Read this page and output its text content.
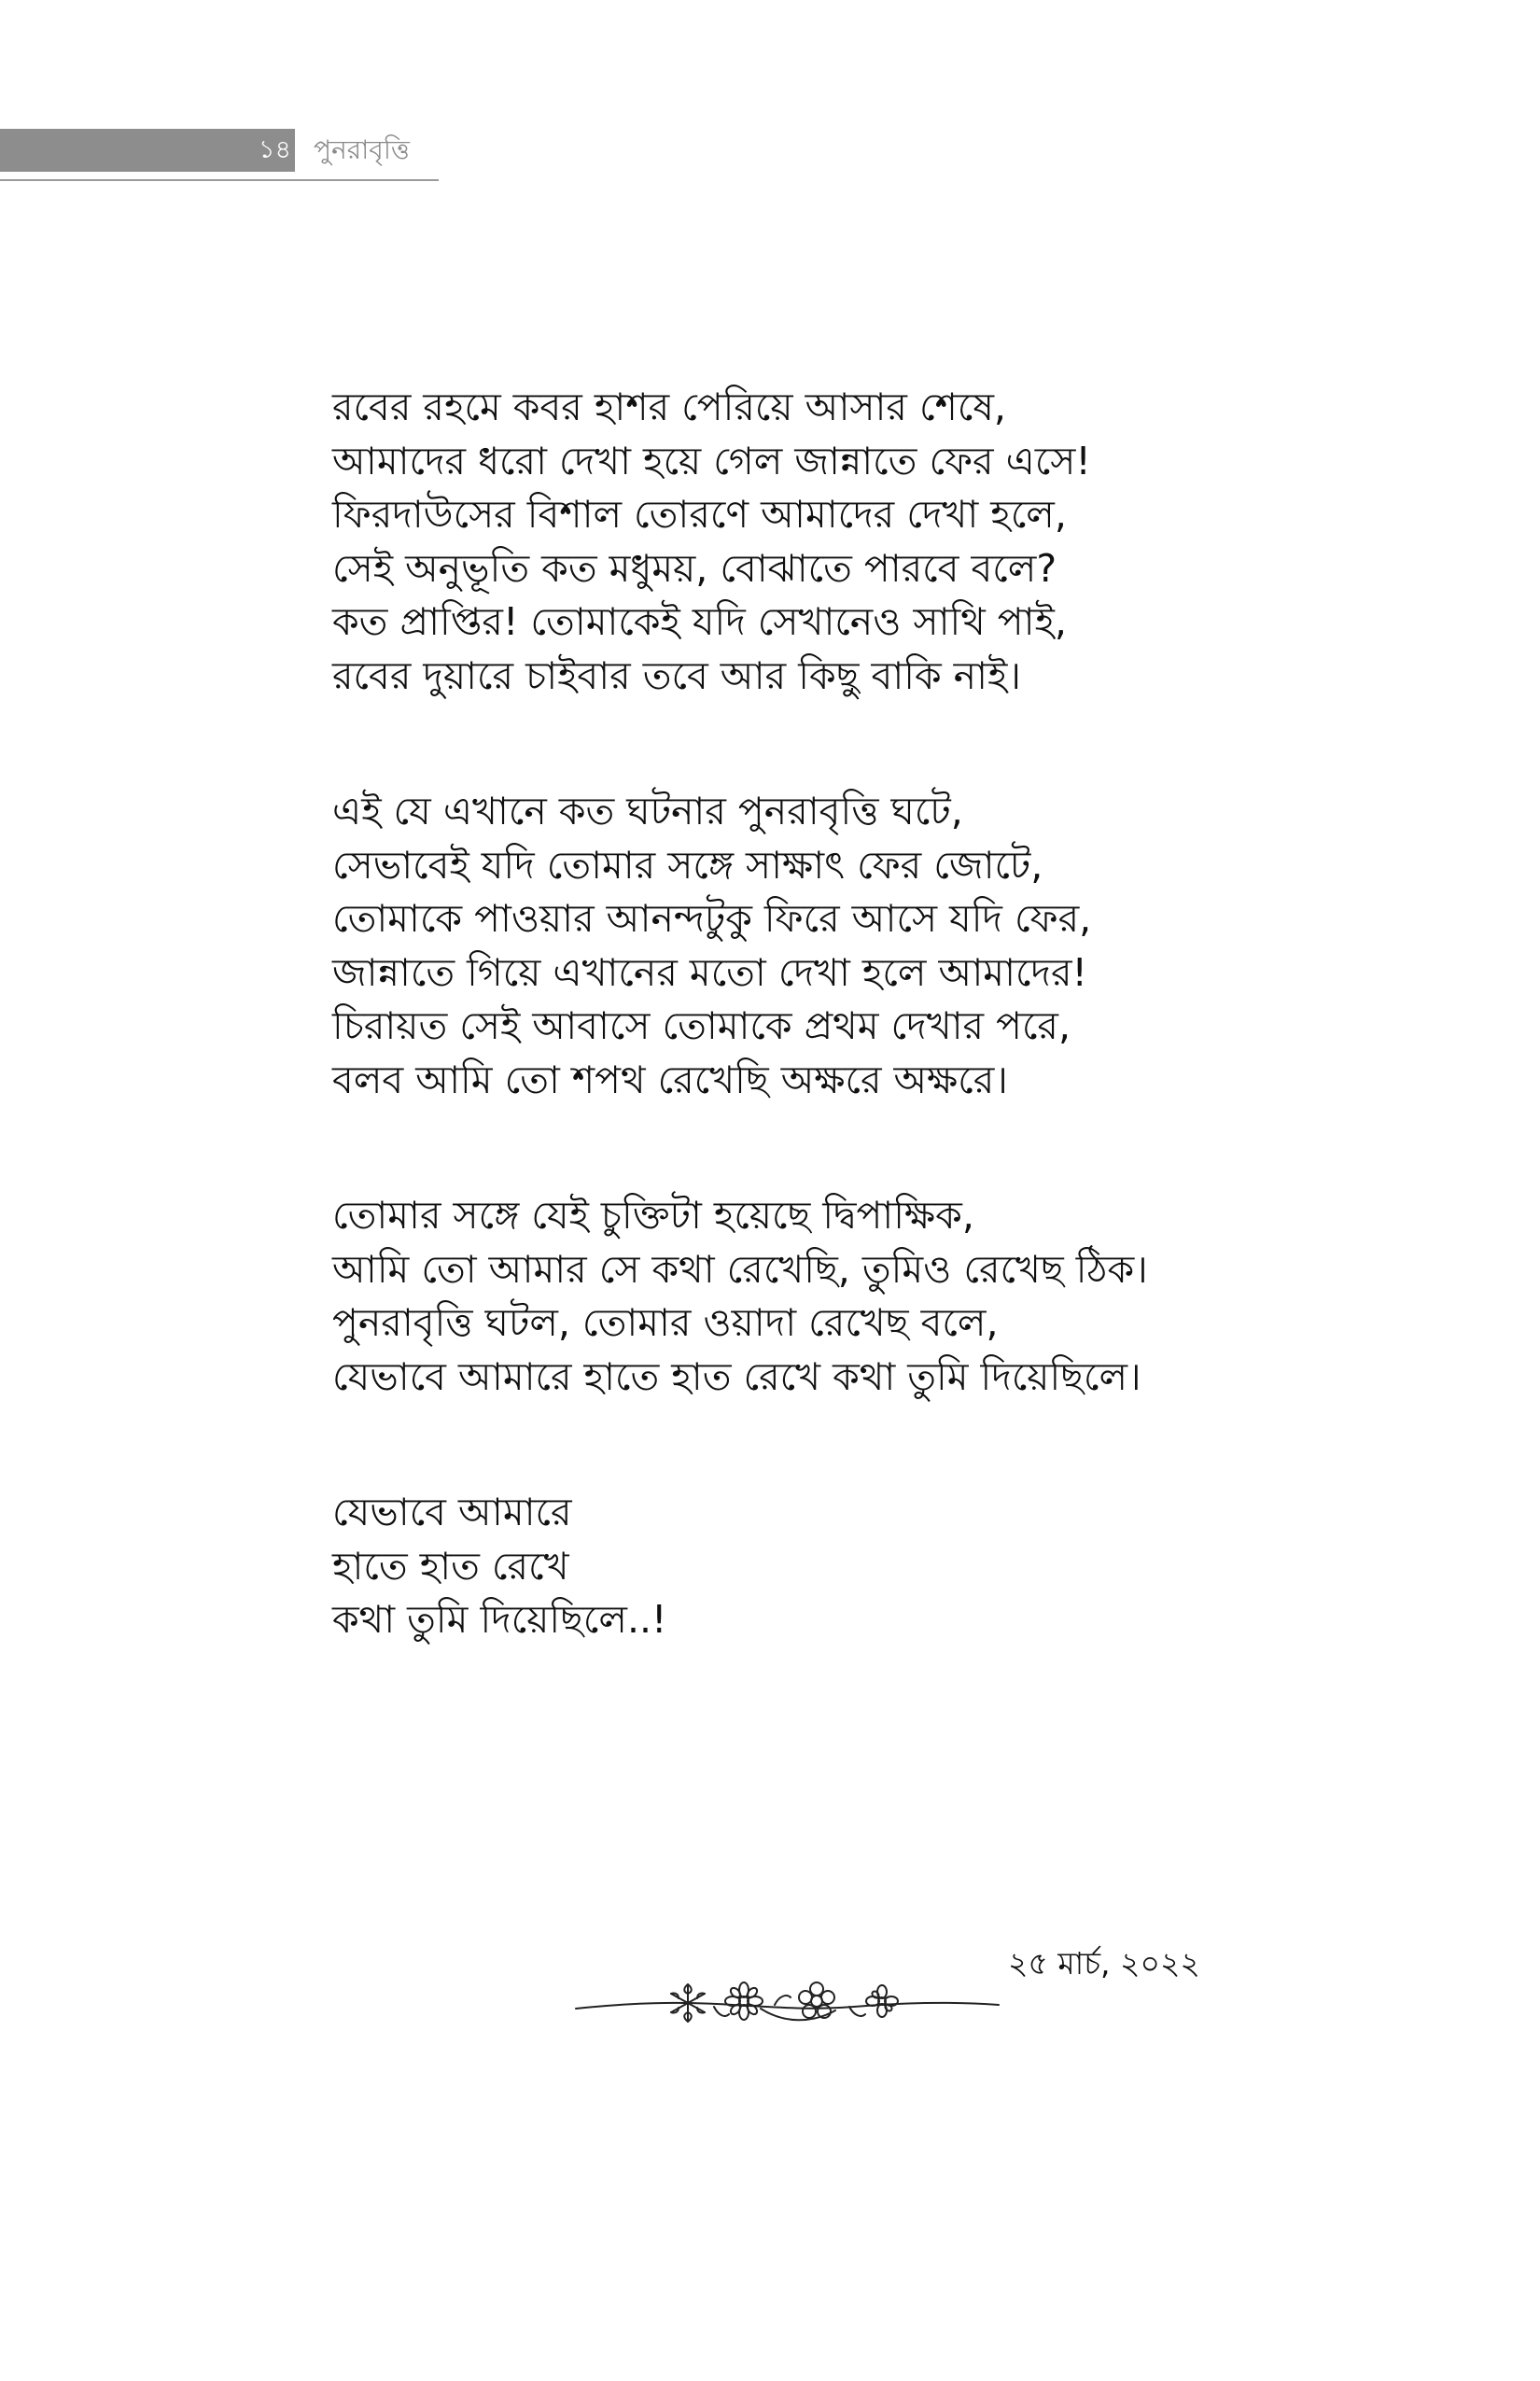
১৪ পুনরাবৃত্তি
রবের রহমে কবর হাশর পেরিয়ে আসার শেষে,
আমাদের ধরো দেখা হয়ে গেল জান্নাতে ফের এসে!
ফিরদাউসের বিশাল তোরণে আমাদের দেখা হলে,
সেই অনুভূতি কত মধুময়, বোঝাতে পারবে বলে?
কত প্রাপ্তির! তোমাকেই যদি সেখানেও সাথি পাই,
রবের দুয়ারে চাইবার তবে আর কিছু বাকি নাই।
এই যে এখানে কত ঘটনার পুনরাবৃত্তি ঘটে,
সেভাবেই যদি তোমার সঙ্গে সাক্ষাৎ ফের জোটে,
তোমাকে পাওয়ার আনন্দটুকু ফিরে আসে যদি ফের,
জান্নাতে গিয়ে এখানের মতো দেখা হলে আমাদের!
চিরায়ত সেই আবাসে তোমাকে প্রথম দেখার পরে,
বলব আমি তো শপথ রেখেছি অক্ষরে অক্ষরে।
তোমার সঙ্গে যেই চুক্তিটা হয়েছে দ্বিপাক্ষিক,
আমি তো আমার সে কথা রেখেছি, তুমিও রেখেছ ঠিক।
পুনরাবৃত্তি ঘটল, তোমার ওয়াদা রেখেছ বলে,
যেভাবে আমারে হাতে হাত রেখে কথা তুমি দিয়েছিলে।
যেভাবে আমারে
হাতে হাত রেখে
কথা তুমি দিয়েছিলে..!
২৫ মার্চ, ২০২২
